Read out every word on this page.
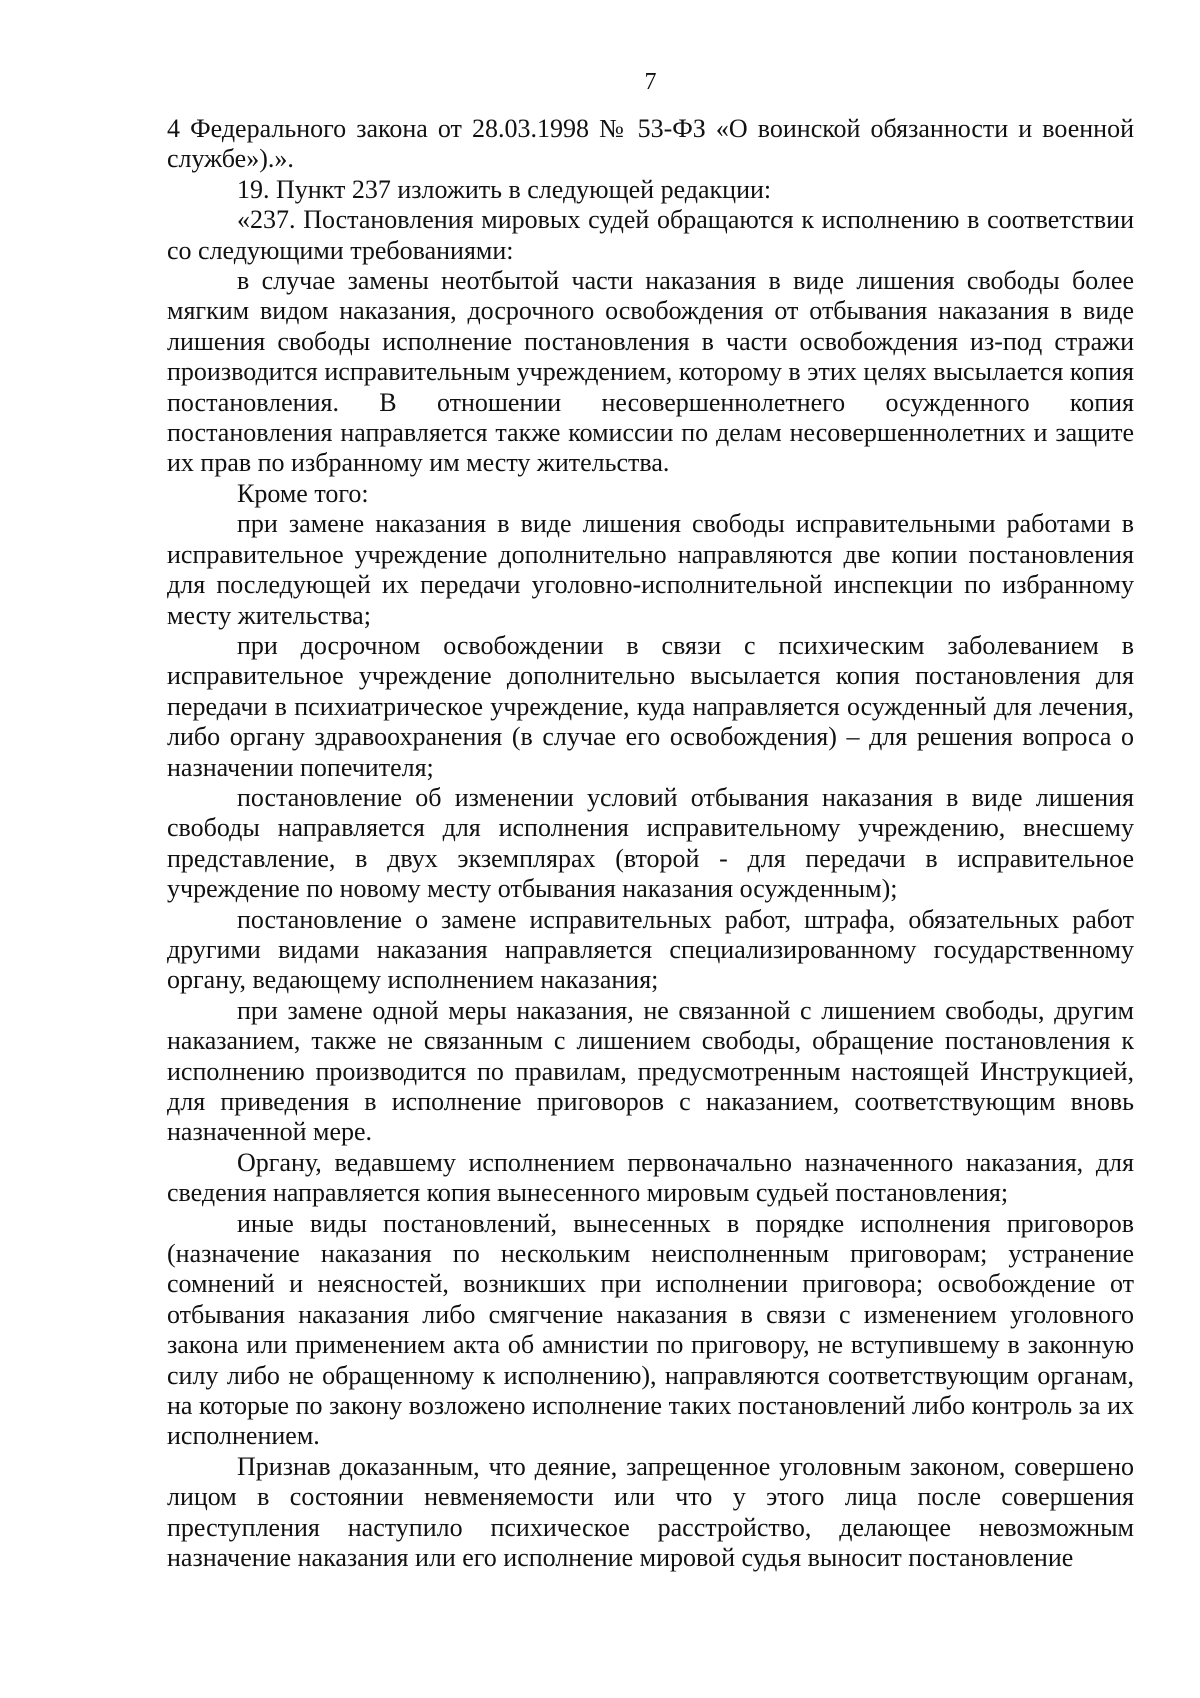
7

4 Федерального закона от 28.03.1998 № 53-ФЗ «О воинской обязанности и военной службе»).».

19. Пункт 237 изложить в следующей редакции:

«237. Постановления мировых судей обращаются к исполнению в соответствии со следующими требованиями:

в случае замены неотбытой части наказания в виде лишения свободы более мягким видом наказания, досрочного освобождения от отбывания наказания в виде лишения свободы исполнение постановления в части освобождения из-под стражи производится исправительным учреждением, которому в этих целях высылается копия постановления. В отношении несовершеннолетнего осужденного копия постановления направляется также комиссии по делам несовершеннолетних и защите их прав по избранному им месту жительства.

Кроме того:

при замене наказания в виде лишения свободы исправительными работами в исправительное учреждение дополнительно направляются две копии постановления для последующей их передачи уголовно-исполнительной инспекции по избранному месту жительства;

при досрочном освобождении в связи с психическим заболеванием в исправительное учреждение дополнительно высылается копия постановления для передачи в психиатрическое учреждение, куда направляется осужденный для лечения, либо органу здравоохранения (в случае его освобождения) – для решения вопроса о назначении попечителя;

постановление об изменении условий отбывания наказания в виде лишения свободы направляется для исполнения исправительному учреждению, внесшему представление, в двух экземплярах (второй - для передачи в исправительное учреждение по новому месту отбывания наказания осужденным);

постановление о замене исправительных работ, штрафа, обязательных работ другими видами наказания направляется специализированному государственному органу, ведающему исполнением наказания;

при замене одной меры наказания, не связанной с лишением свободы, другим наказанием, также не связанным с лишением свободы, обращение постановления к исполнению производится по правилам, предусмотренным настоящей Инструкцией, для приведения в исполнение приговоров с наказанием, соответствующим вновь назначенной мере.

Органу, ведавшему исполнением первоначально назначенного наказания, для сведения направляется копия вынесенного мировым судьей постановления;

иные виды постановлений, вынесенных в порядке исполнения приговоров (назначение наказания по нескольким неисполненным приговорам; устранение сомнений и неясностей, возникших при исполнении приговора; освобождение от отбывания наказания либо смягчение наказания в связи с изменением уголовного закона или применением акта об амнистии по приговору, не вступившему в законную силу либо не обращенному к исполнению), направляются соответствующим органам, на которые по закону возложено исполнение таких постановлений либо контроль за их исполнением.

Признав доказанным, что деяние, запрещенное уголовным законом, совершено лицом в состоянии невменяемости или что у этого лица после совершения преступления наступило психическое расстройство, делающее невозможным назначение наказания или его исполнение мировой судья выносит постановление
